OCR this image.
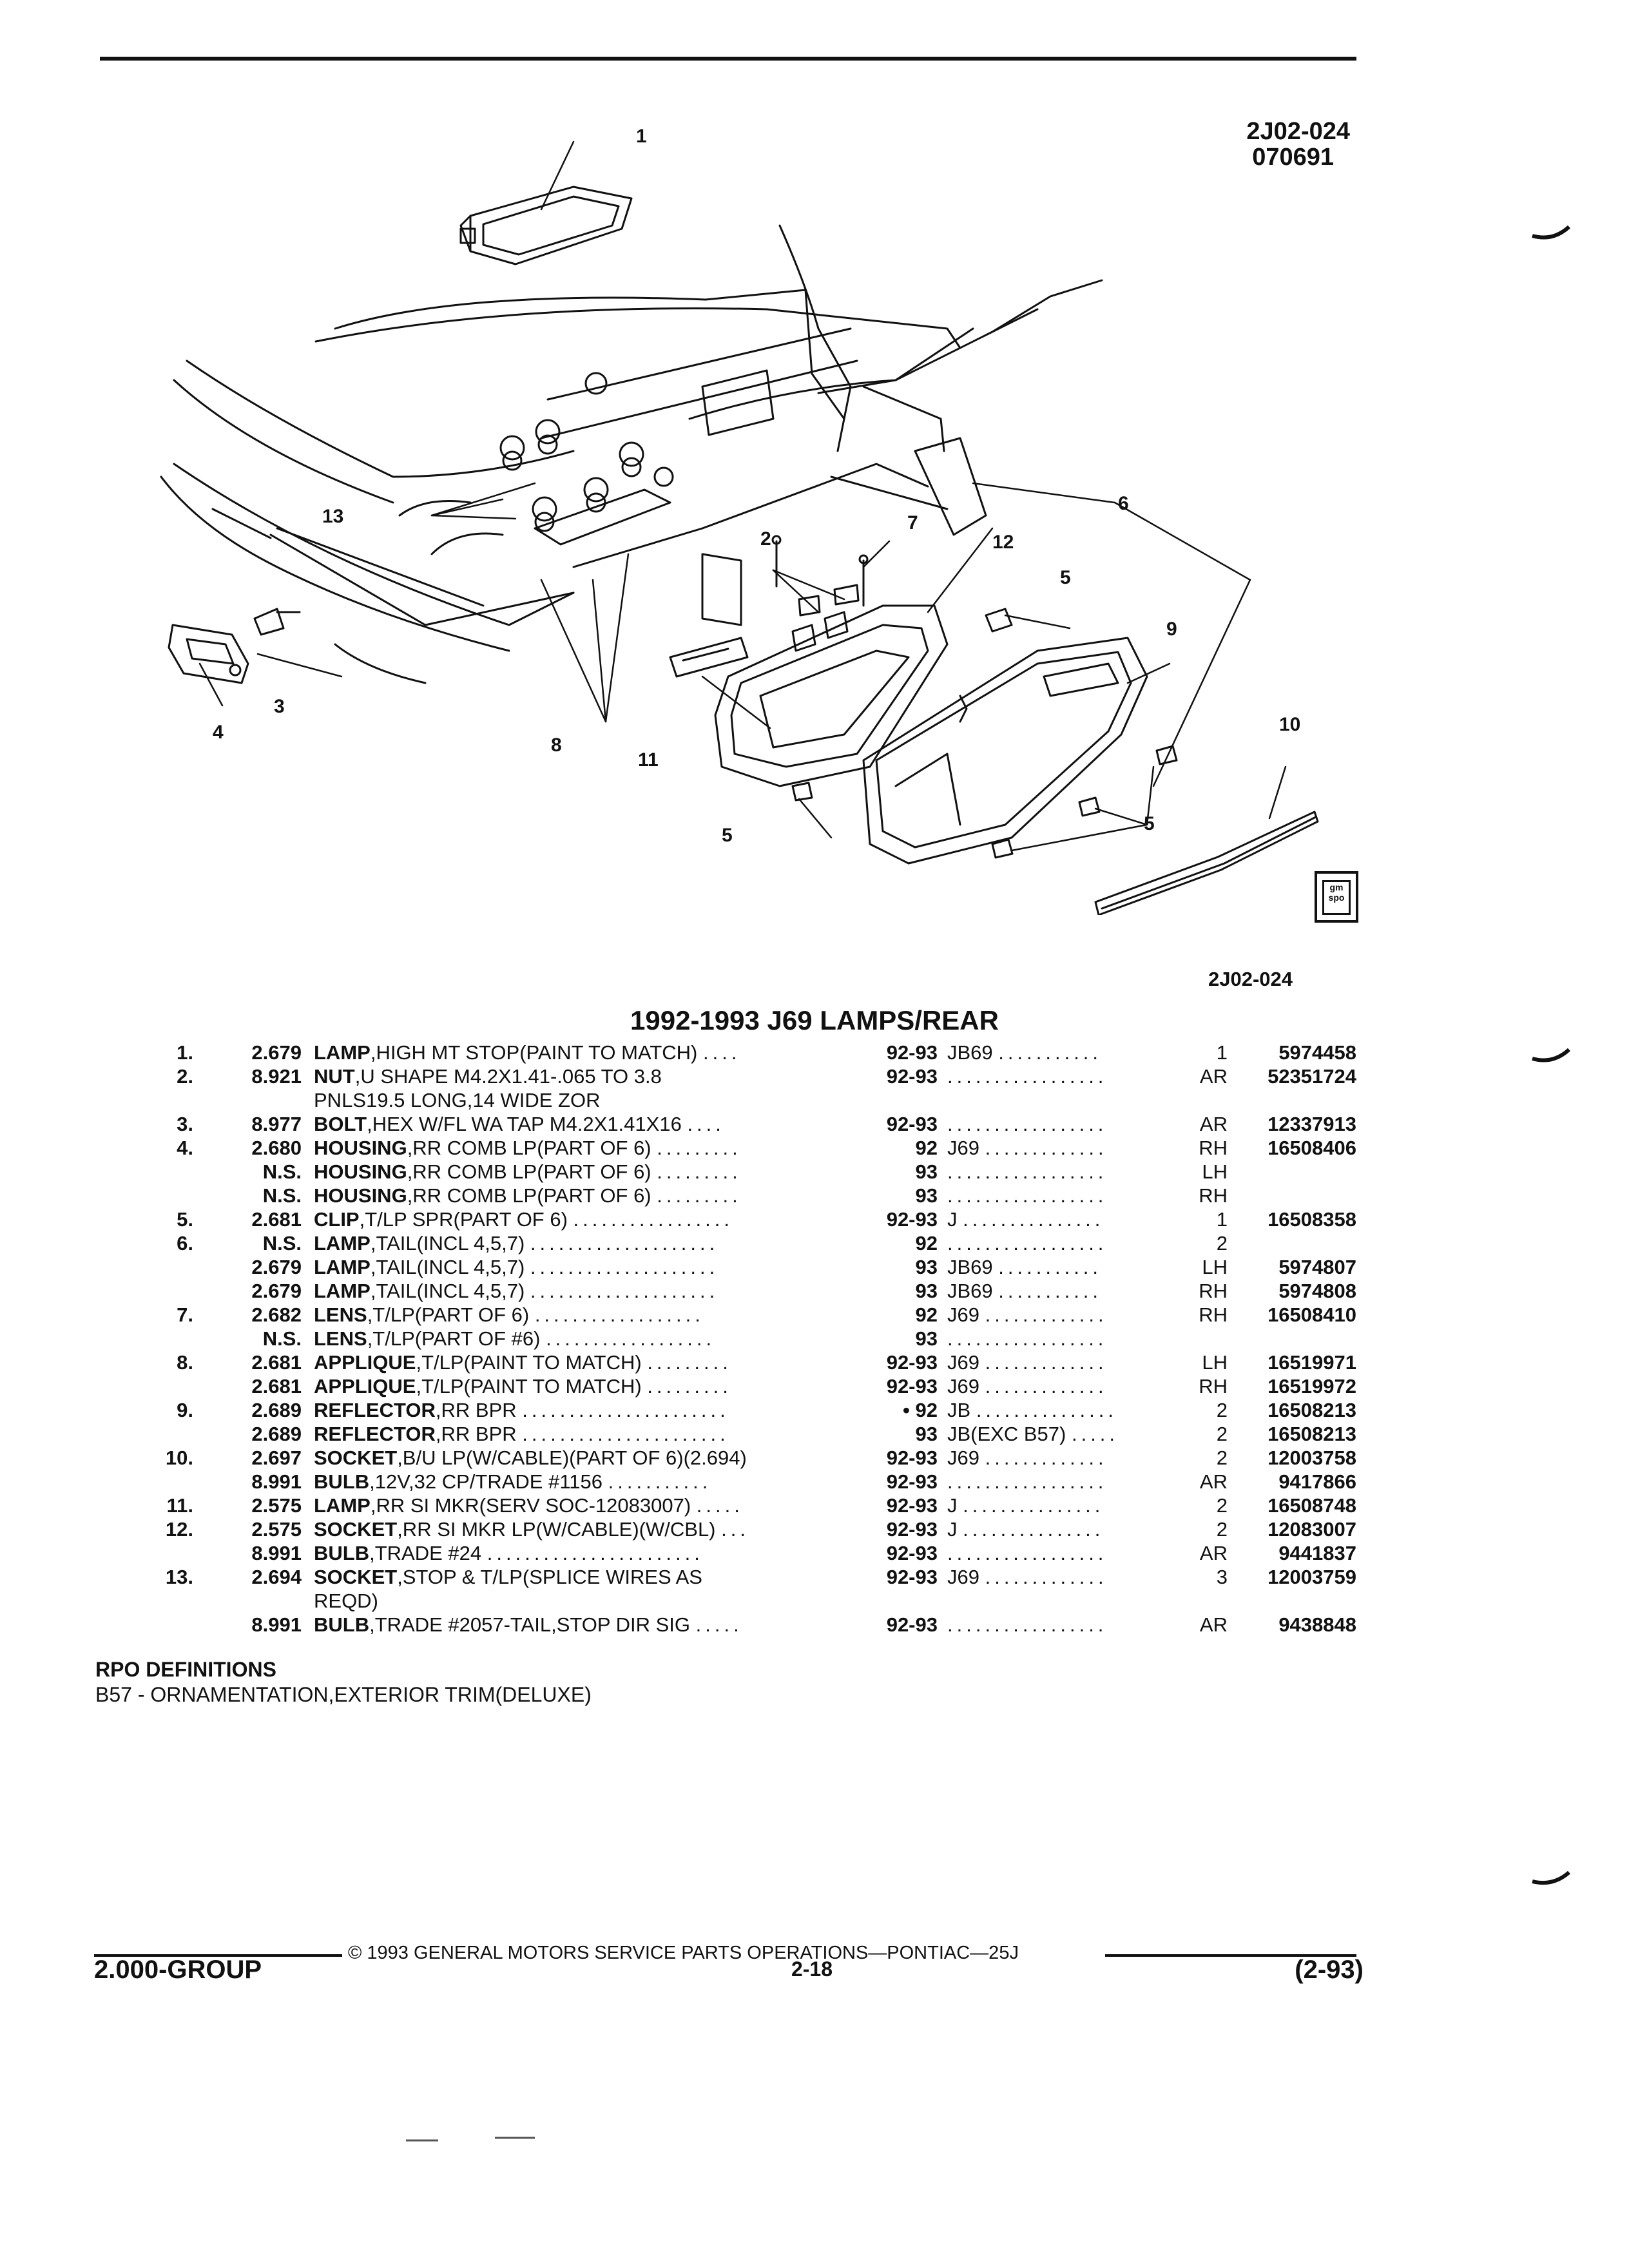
2J02-024
070691
1
2
7
12
5
5
5
6
9
10
11
8
4
3
13
gm spo
2J02-024
1992-1993 J69 LAMPS/REAR
1.	2.679 LAMP,HIGH MT STOP(PAINT TO MATCH) ....	92-93 JB69 ...........	1	5974458
2.	8.921 NUT,U SHAPE M4.2X1.41-.065 TO 3.8	92-93 .................	AR	52351724
PNLS19.5 LONG,14 WIDE ZOR
3.	8.977 BOLT,HEX W/FL WA TAP M4.2X1.41X16 ....	92-93 .................	AR	12337913
4.	2.680 HOUSING,RR COMB LP(PART OF 6) .........	92 J69 .............	RH	16508406
N.S. HOUSING,RR COMB LP(PART OF 6) .........	93 .................	LH
N.S. HOUSING,RR COMB LP(PART OF 6) .........	93 .................	RH
5.	2.681 CLIP,T/LP SPR(PART OF 6) .................	92-93 J ...............	1	16508358
6.	N.S. LAMP,TAIL(INCL 4,5,7) ....................	92 .................	2
2.679 LAMP,TAIL(INCL 4,5,7) ....................	93 JB69 ...........	LH	5974807
2.679 LAMP,TAIL(INCL 4,5,7) ....................	93 JB69 ...........	RH	5974808
7.	2.682 LENS,T/LP(PART OF 6) ..................	92 J69 .............	RH	16508410
N.S. LENS,T/LP(PART OF #6) ..................	93 .................
8.	2.681 APPLIQUE,T/LP(PAINT TO MATCH) .........	92-93 J69 .............	LH	16519971
2.681 APPLIQUE,T/LP(PAINT TO MATCH) .........	92-93 J69 .............	RH	16519972
9.	2.689 REFLECTOR,RR BPR ......................	• 92 JB ...............	2	16508213
2.689 REFLECTOR,RR BPR ......................	93 JB(EXC B57) .....	2	16508213
10.	2.697 SOCKET,B/U LP(W/CABLE)(PART OF 6)(2.694)	92-93 J69 .............	2	12003758
8.991 BULB,12V,32 CP/TRADE #1156 ...........	92-93 .................	AR	9417866
11.	2.575 LAMP,RR SI MKR(SERV SOC-12083007) .....	92-93 J ...............	2	16508748
12.	2.575 SOCKET,RR SI MKR LP(W/CABLE)(W/CBL) ...	92-93 J ...............	2	12083007
8.991 BULB,TRADE #24 .......................	92-93 .................	AR	9441837
13.	2.694 SOCKET,STOP & T/LP(SPLICE WIRES AS	92-93 J69 .............	3	12003759
REQD)
8.991 BULB,TRADE #2057-TAIL,STOP DIR SIG .....	92-93 .................	AR	9438848
RPO DEFINITIONS
B57 - ORNAMENTATION,EXTERIOR TRIM(DELUXE)
© 1993 GENERAL MOTORS SERVICE PARTS OPERATIONS—PONTIAC—25J
2.000-GROUP	2-18	(2-93)
